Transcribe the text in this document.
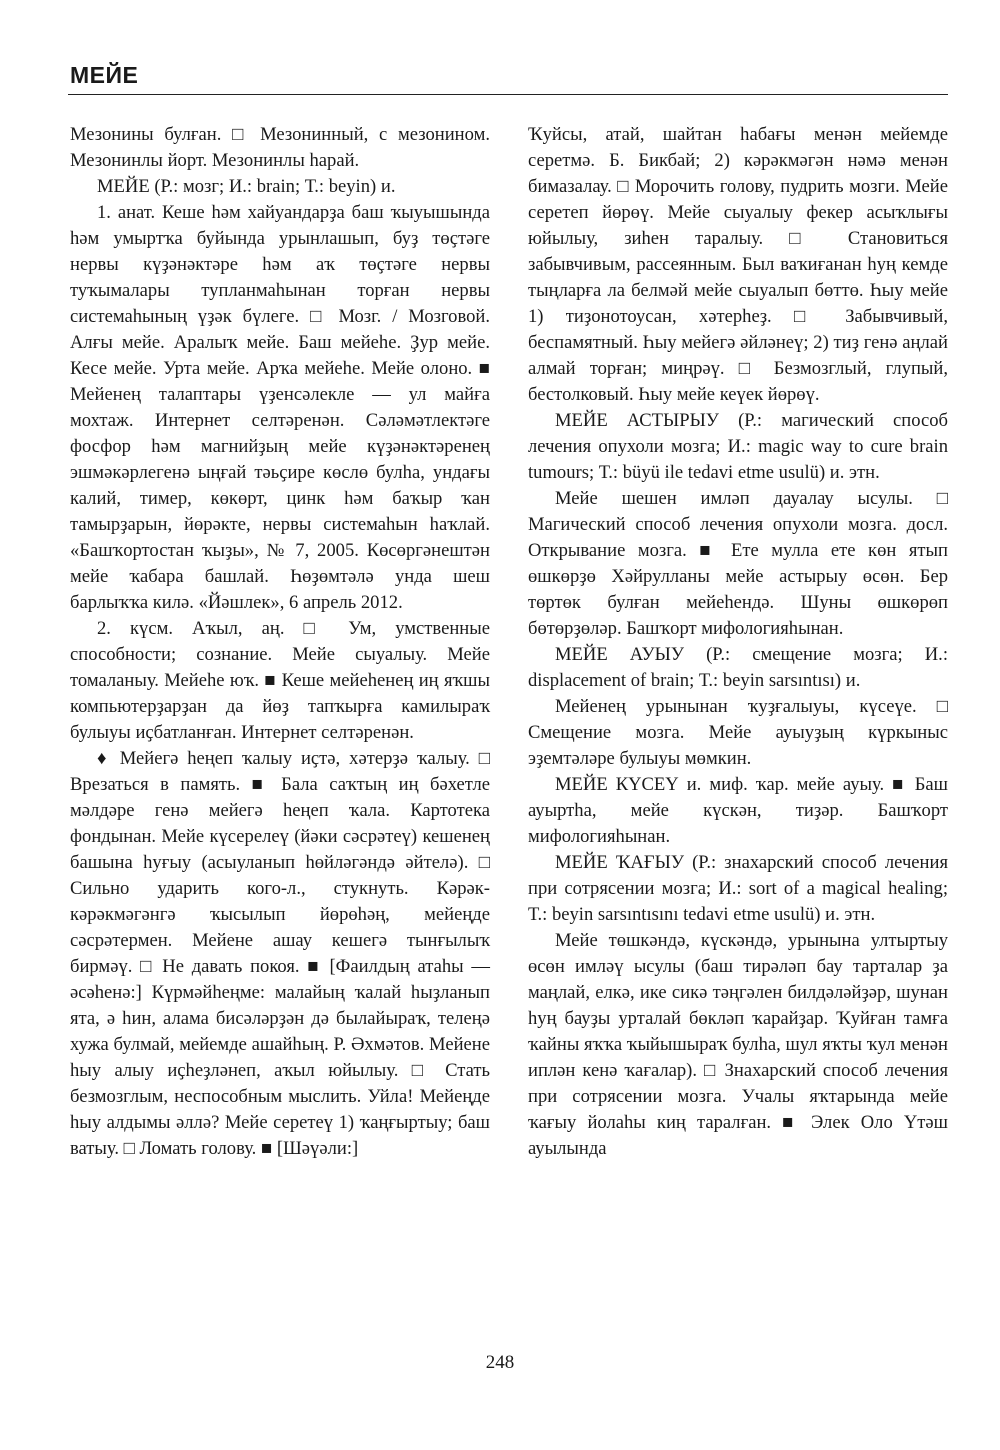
МЕЙЕ

Мезонины булған. □ Мезонинный, с мезонином. Мезонинлы йорт. Мезонинлы һарай.

МЕЙЕ (Р.: мозг; И.: brain; Т.: beyin) и.

1. анат. Кеше һәм хайуандарҙа баш ҡыуышында һәм умыртҡа буйында урынлашып, буҙ төҫтәге нервы күҙәнәктәре һәм аҡ төҫтәге нервы туҡымалары тупланмаһынан торған нервы системаһының үҙәк бүлеге. □ Мозг. / Мозговой. Алғы мейе. Аралыҡ мейе. Баш мейеһе. Ҙур мейе. Кесе мейе. Урта мейе. Арҡа мейеһе. Мейе олоно. ■ Мейенең талаптары үҙенсәлекле — ул майға мохтаж. Интернет селтәренән. Сәләмәтлектәге фосфор һәм магнийҙың мейе күҙәнәктәренең эшмәкәрлегенә ыңғай тәьҫире көслө булһа, ундағы калий, тимер, көкөрт, цинк һәм баҡыр ҡан тамырҙарын, йөрәкте, нервы системаһын һаҡлай. «Башҡортостан ҡыҙы», № 7, 2005. Көсөргәнештән мейе ҡабара башлай. Һөҙөмтәлә унда шеш барлыҡҡа килә. «Йәшлек», 6 апрель 2012.

2. күсм. Аҡыл, аң. □ Ум, умственные способности; сознание. Мейе сыуалыу. Мейе томаланыу. Мейеһе юҡ. ■ Кеше мейеһенең иң яҡшы компьютерҙарҙан да йөҙ тапҡырға камилыраҡ булыуы иҫбатланған. Интернет селтәренән.

♦ Мейегә һеңеп ҡалыу иҫтә, хәтерҙә ҡалыу. □ Врезаться в память. ■ Бала саҡтың иң бәхетле мәлдәре генә мейегә һеңеп ҡала. Картотека фондынан. Мейе күсерелеү (йәки сәсрәтеү) кешенең башына һуғыу (асыуланып һөйләгәндә әйтелә). □ Сильно ударить кого-л., стукнуть. Кәрәк-кәрәкмәгәнгә ҡысылып йөрөһәң, мейеңде сәсрәтермен. Мейене ашау кешегә тынғылыҡ бирмәү. □ Не давать покоя. ■ [Фаилдың атаһы — әсәһенә:] Күрмәйһеңме: малайың ҡалай һыҙланып ята, ә һин, алама бисәләрҙән дә былайыраҡ, телеңә хужа булмай, мейемде ашайһың. Р. Әхмәтов. Мейене һыу алыу иҫһеҙләнеп, аҡыл юйылыу. □ Стать безмозглым, неспособным мыслить. Уйла! Мейеңде һыу алдымы әллә? Мейе серетеү 1) ҡаңғыртыу; баш ватыу. □ Ломать голову. ■ [Шәүәли:]

Ҡуйсы, атай, шайтан һабағы менән мейемде серетмә. Б. Бикбай; 2) кәрәкмәгән нәмә менән бимазалау. □ Морочить голову, пудрить мозги. Мейе серетеп йөрөү. Мейе сыуалыу фекер асыҡлығы юйылыу, зиһен таралыу. □ Становиться забывчивым, рассеянным. Был ваҡиғанан һуң кемде тыңларға ла белмәй мейе сыуалып бөттө. Һыу мейе 1) тиҙонотоусан, хәтерһеҙ. □ Забывчивый, беспамятный. Һыу мейегә әйләнеү; 2) тиҙ генә аңлай алмай торған; миңрәү. □ Безмозглый, глупый, бестолковый. Һыу мейе кеүек йөрөү.

МЕЙЕ АСТЫРЫУ (Р.: магический способ лечения опухоли мозга; И.: magic way to cure brain tumours; Т.: büyü ile tedavi etme usulü) и. этн.

Мейе шешен имләп дауалау ысулы. □ Магический способ лечения опухоли мозга. досл. Открывание мозга. ■ Ете мулла ете көн ятып өшкөрҙө Хәйрулланы мейе астырыу өсөн. Бер төртөк булған мейеһендә. Шуны өшкөрөп бөтөрҙөләр. Башҡорт мифологияһынан.

МЕЙЕ АУЫУ (Р.: смещение мозга; И.: displacement of brain; Т.: beyin sarsıntısı) и.

Мейенең урынынан ҡуҙғалыуы, күсеүе. □ Смещение мозга. Мейе ауыуҙың күркыныс эҙемтәләре булыуы мөмкин.

МЕЙЕ КҮСЕҮ и. миф. ҡар. мейе ауыу. ■ Баш ауыртһа, мейе күскән, тиҙәр. Башҡорт мифологияһынан.

МЕЙЕ ҠАҒЫУ (Р.: знахарский способ лечения при сотрясении мозга; И.: sort of a magical healing; Т.: beyin sarsıntısını tedavi etme usulü) и. этн.

Мейе төшкәндә, күскәндә, урынына ултыртыу өсөн имләү ысулы (баш тирәләп бау тарталар ҙа маңлай, елкә, ике сикә тәңгәлен билдәләйҙәр, шунан һуң бауҙы урталай бөкләп ҡарайҙар. Ҡуйған тамға ҡайны яҡҡа ҡыйышыраҡ булһа, шул яҡты ҡул менән иплән кенә ҡағалар). □ Знахарский способ лечения при сотрясении мозга. Учалы яҡтарында мейе ҡағыу йолаһы киң таралған. ■ Элек Оло Үтәш ауылында

248
